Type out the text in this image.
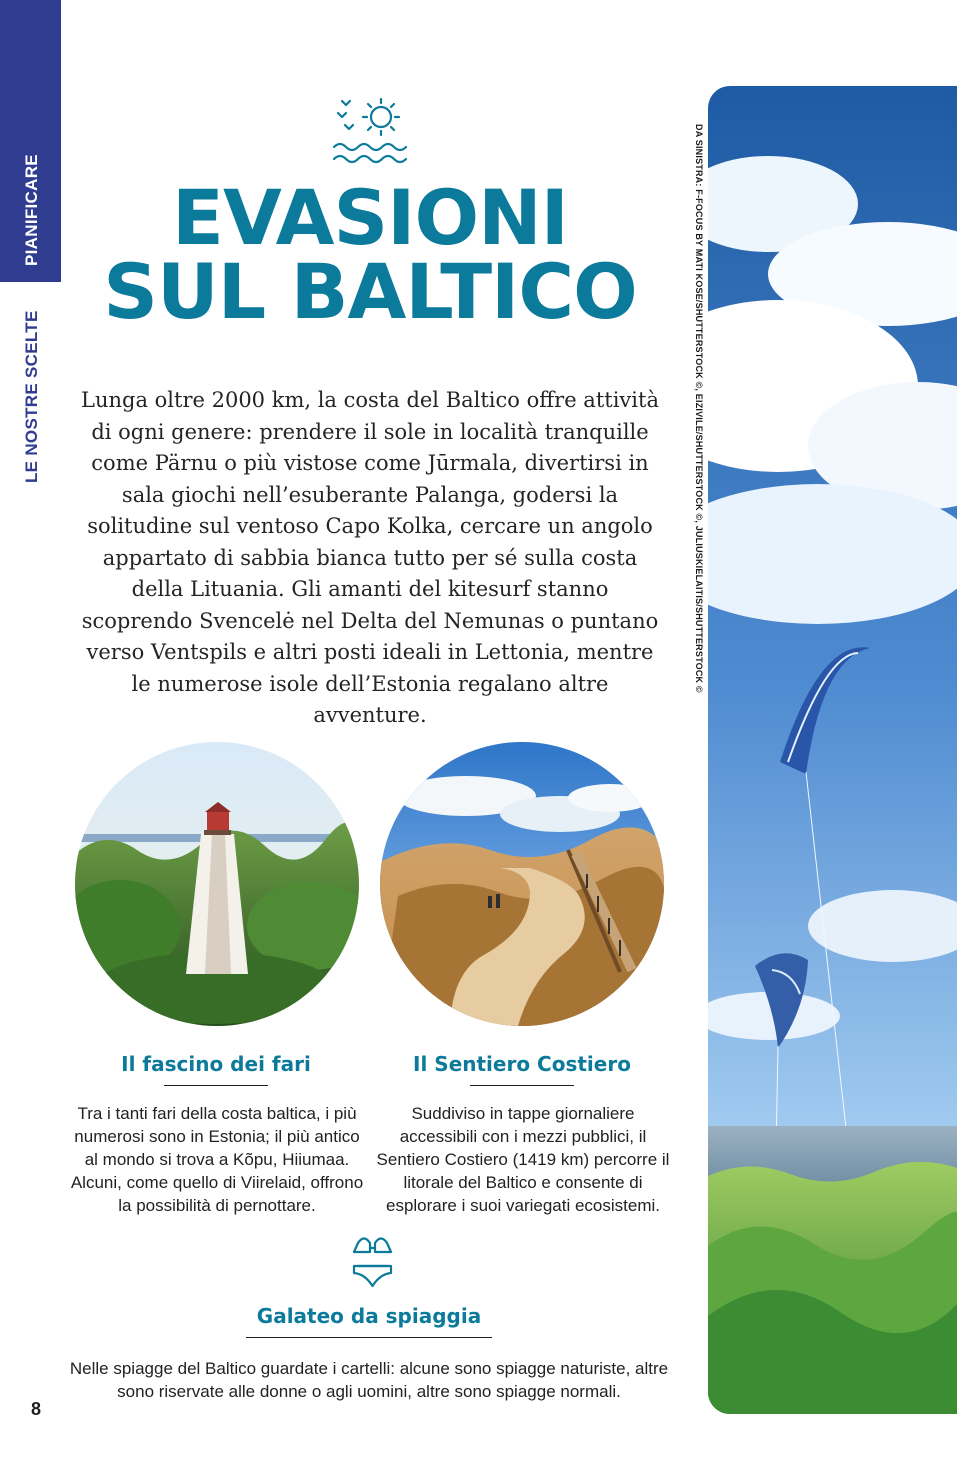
PIANIFICARE
LE NOSTRE SCELTE
EVASIONI
SUL BALTICO

Lunga oltre 2000 km, la costa del Baltico offre attività di ogni genere: prendere il sole in località tranquille come Pärnu o più vistose come Jūrmala, divertirsi in sala giochi nell’esuberante Palanga, godersi la solitudine sul ventoso Capo Kolka, cercare un angolo appartato di sabbia bianca tutto per sé sulla costa della Lituania. Gli amanti del kitesurf stanno scoprendo Svencelė nel Delta del Nemunas o puntano verso Ventspils e altri posti ideali in Lettonia, mentre le numerose isole dell’Estonia regalano altre avventure.

Il fascino dei fari

Tra i tanti fari della costa baltica, i più numerosi sono in Estonia; il più antico al mondo si trova a Kõpu, Hiiumaa. Alcuni, come quello di Viirelaid, offrono la possibilità di pernottare.

Il Sentiero Costiero

Suddiviso in tappe giornaliere accessibili con i mezzi pubblici, il Sentiero Costiero (1419 km) percorre il litorale del Baltico e consente di esplorare i suoi variegati ecosistemi.

Galateo da spiaggia

Nelle spiagge del Baltico guardate i cartelli: alcune sono spiagge naturiste, altre sono riservate alle donne o agli uomini, altre sono spiagge normali.

8
DA SINISTRA: F-FOCUS BY MATI KOSE/SHUTTERSTOCK ©, EIZIVILE/SHUTTERSTOCK ©, JULIUSKIELAITIS/SHUTTERSTOCK ©
